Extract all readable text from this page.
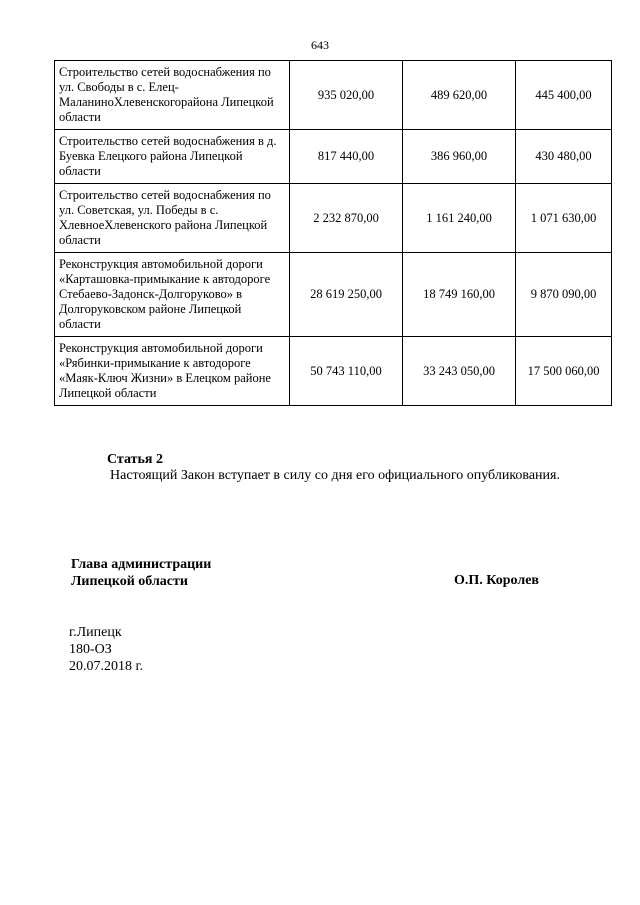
643
Строительство сетей водоснабжения по ул. Свободы в с. Елец-МаланиноХлевенскогорайона Липецкой области	935 020,00	489 620,00	445 400,00
Строительство сетей водоснабжения в д. Буевка Елецкого района Липецкой области	817 440,00	386 960,00	430 480,00
Строительство сетей водоснабжения по ул. Советская, ул. Победы в с. ХлевноеХлевенского района Липецкой области	2 232 870,00	1 161 240,00	1 071 630,00
Реконструкция автомобильной дороги «Карташовка-примыкание к автодороге Стебаево-Задонск-Долгоруково» в Долгоруковском районе Липецкой области	28 619 250,00	18 749 160,00	9 870 090,00
Реконструкция автомобильной дороги «Рябинки-примыкание к автодороге «Маяк-Ключ Жизни» в Елецком районе Липецкой области	50 743 110,00	33 243 050,00	17 500 060,00
Статья 2
Настоящий Закон вступает в силу со дня его официального опубликования.
Глава администрации
Липецкой области	О.П. Королев
г.Липецк
180-ОЗ
20.07.2018 г.
